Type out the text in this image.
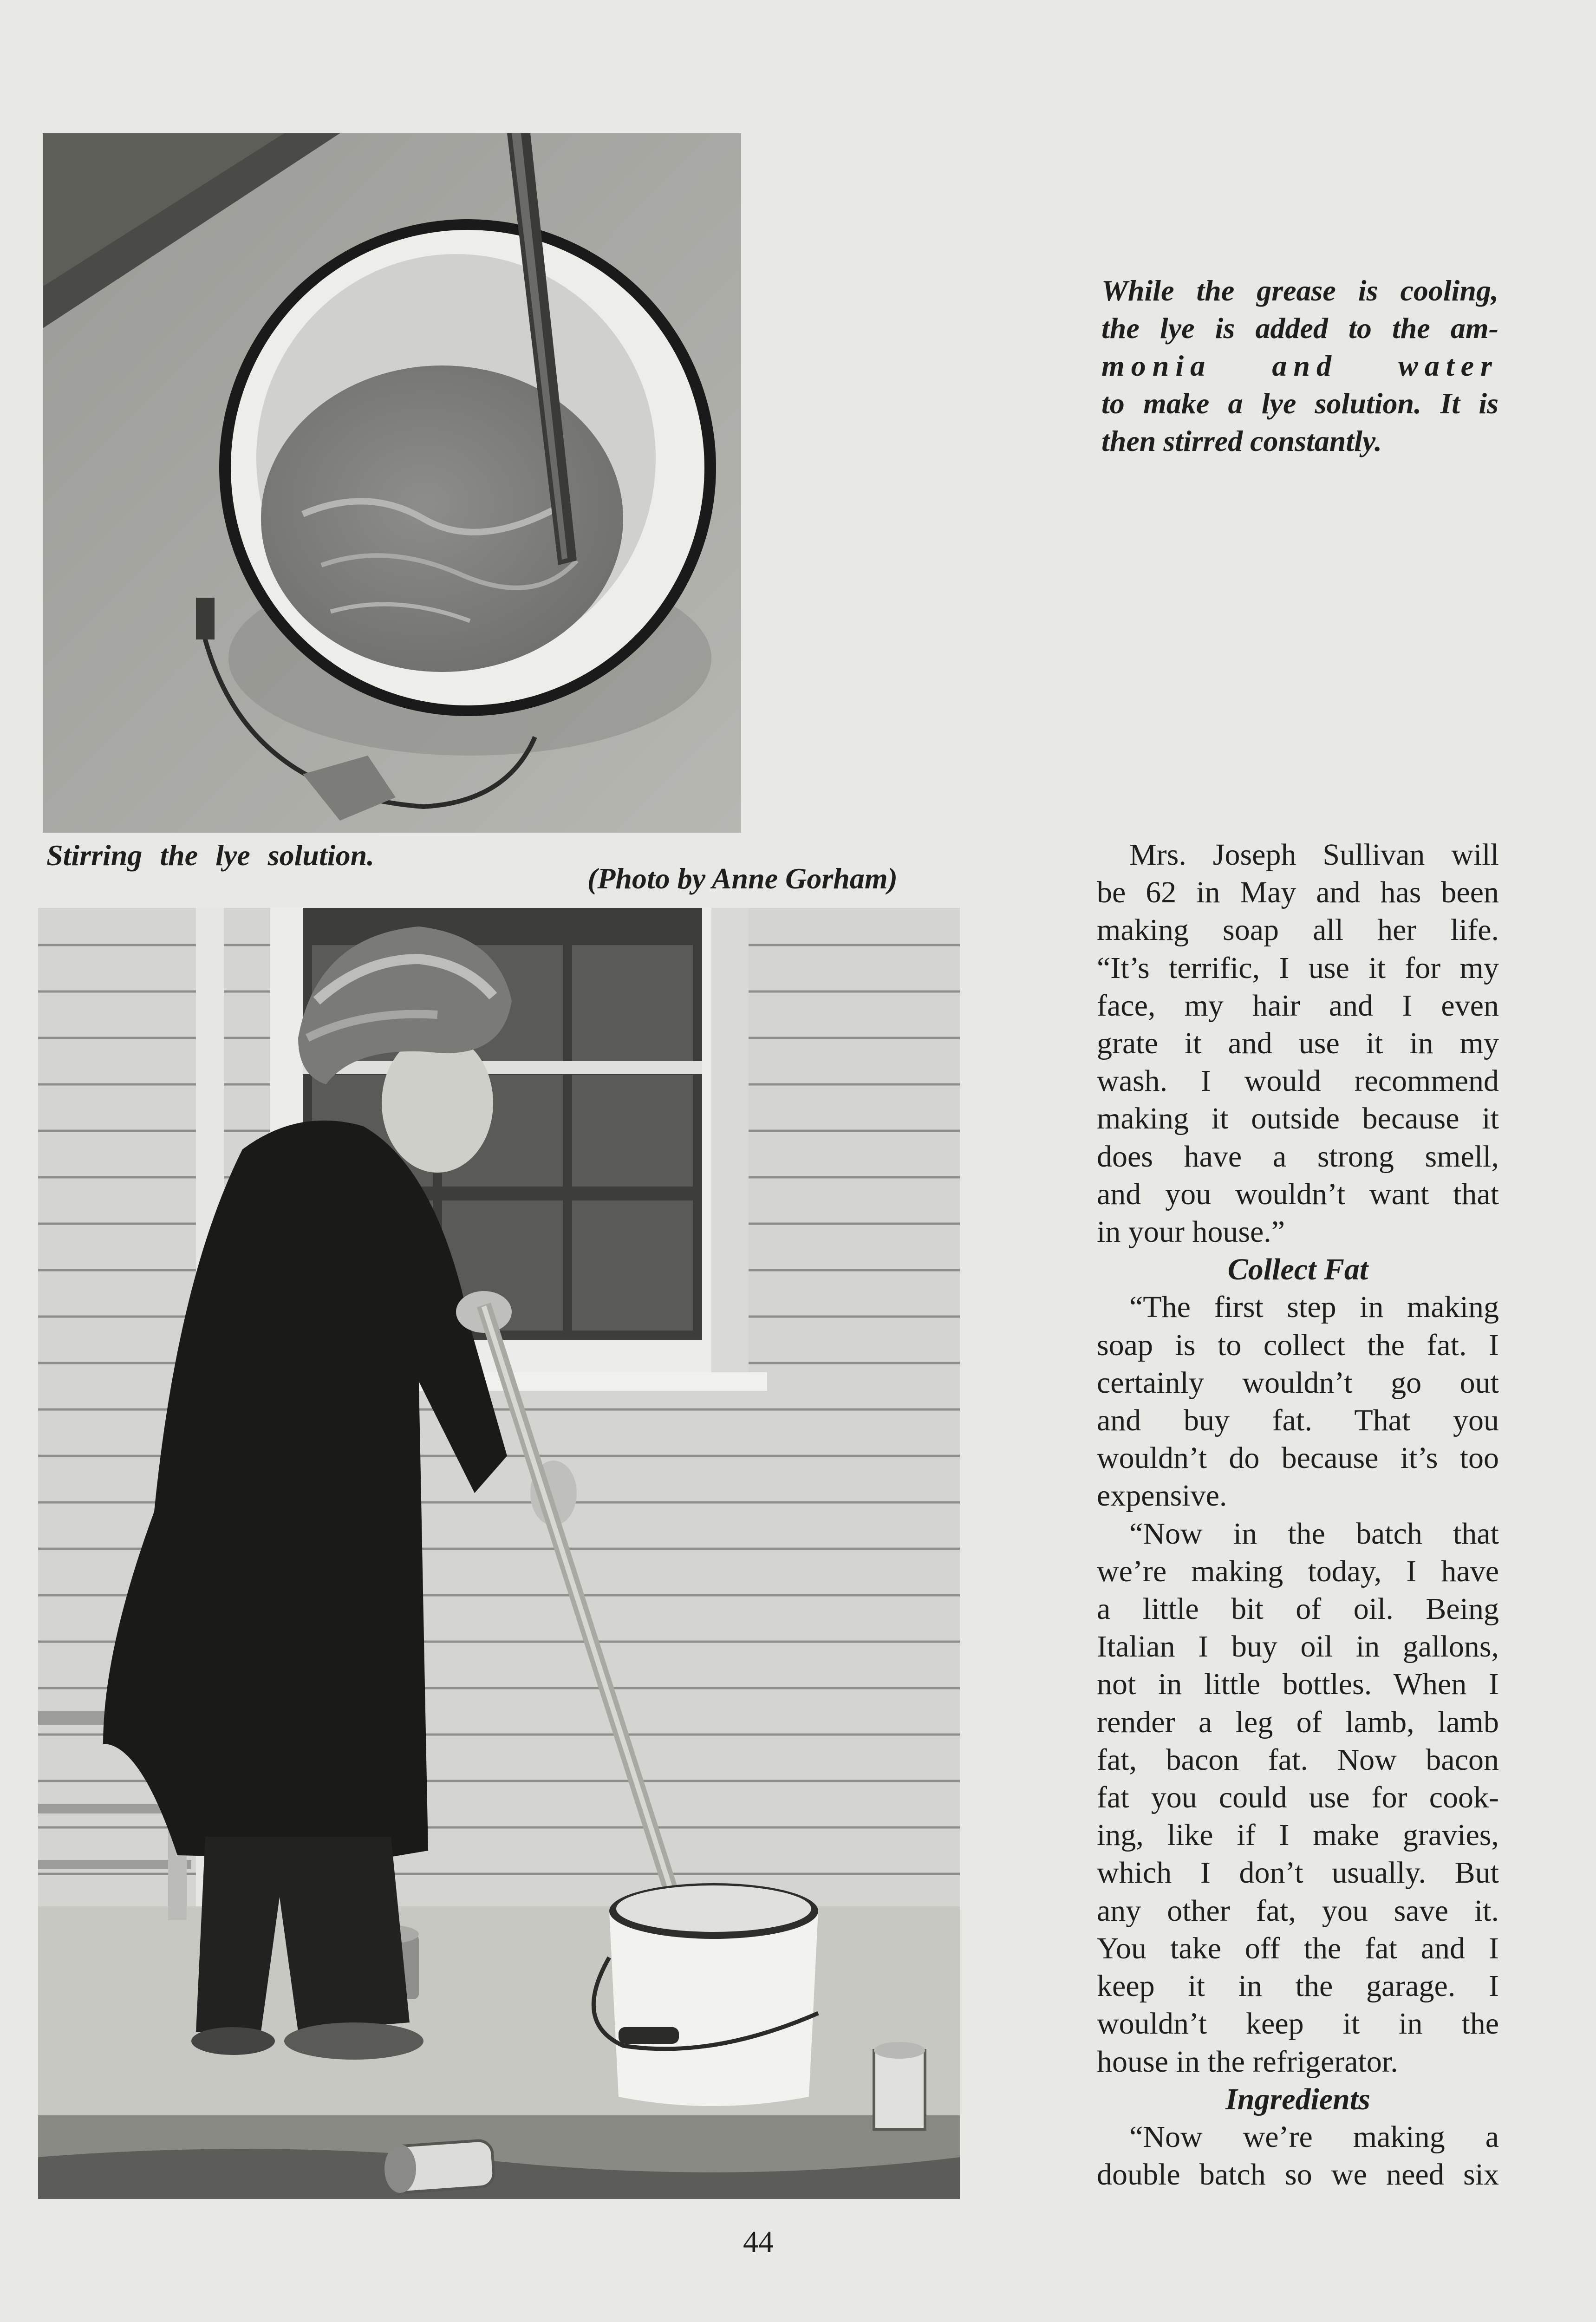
Stirring the lye solution.
(Photo by Anne Gorham)
While the grease is cooling,
the lye is added to the am-
monia and water
to make a lye solution. It is
then stirred constantly.
Mrs. Joseph Sullivan will
be 62 in May and has been
making soap all her life.
“It’s terrific, I use it for my
face, my hair and I even
grate it and use it in my
wash. I would recommend
making it outside because it
does have a strong smell,
and you wouldn’t want that
in your house.”
Collect Fat
“The first step in making
soap is to collect the fat. I
certainly wouldn’t go out
and buy fat. That you
wouldn’t do because it’s too
expensive.
“Now in the batch that
we’re making today, I have
a little bit of oil. Being
Italian I buy oil in gallons,
not in little bottles. When I
render a leg of lamb, lamb
fat, bacon fat. Now bacon
fat you could use for cook-
ing, like if I make gravies,
which I don’t usually. But
any other fat, you save it.
You take off the fat and I
keep it in the garage. I
wouldn’t keep it in the
house in the refrigerator.
Ingredients
“Now we’re making a
double batch so we need six
44
